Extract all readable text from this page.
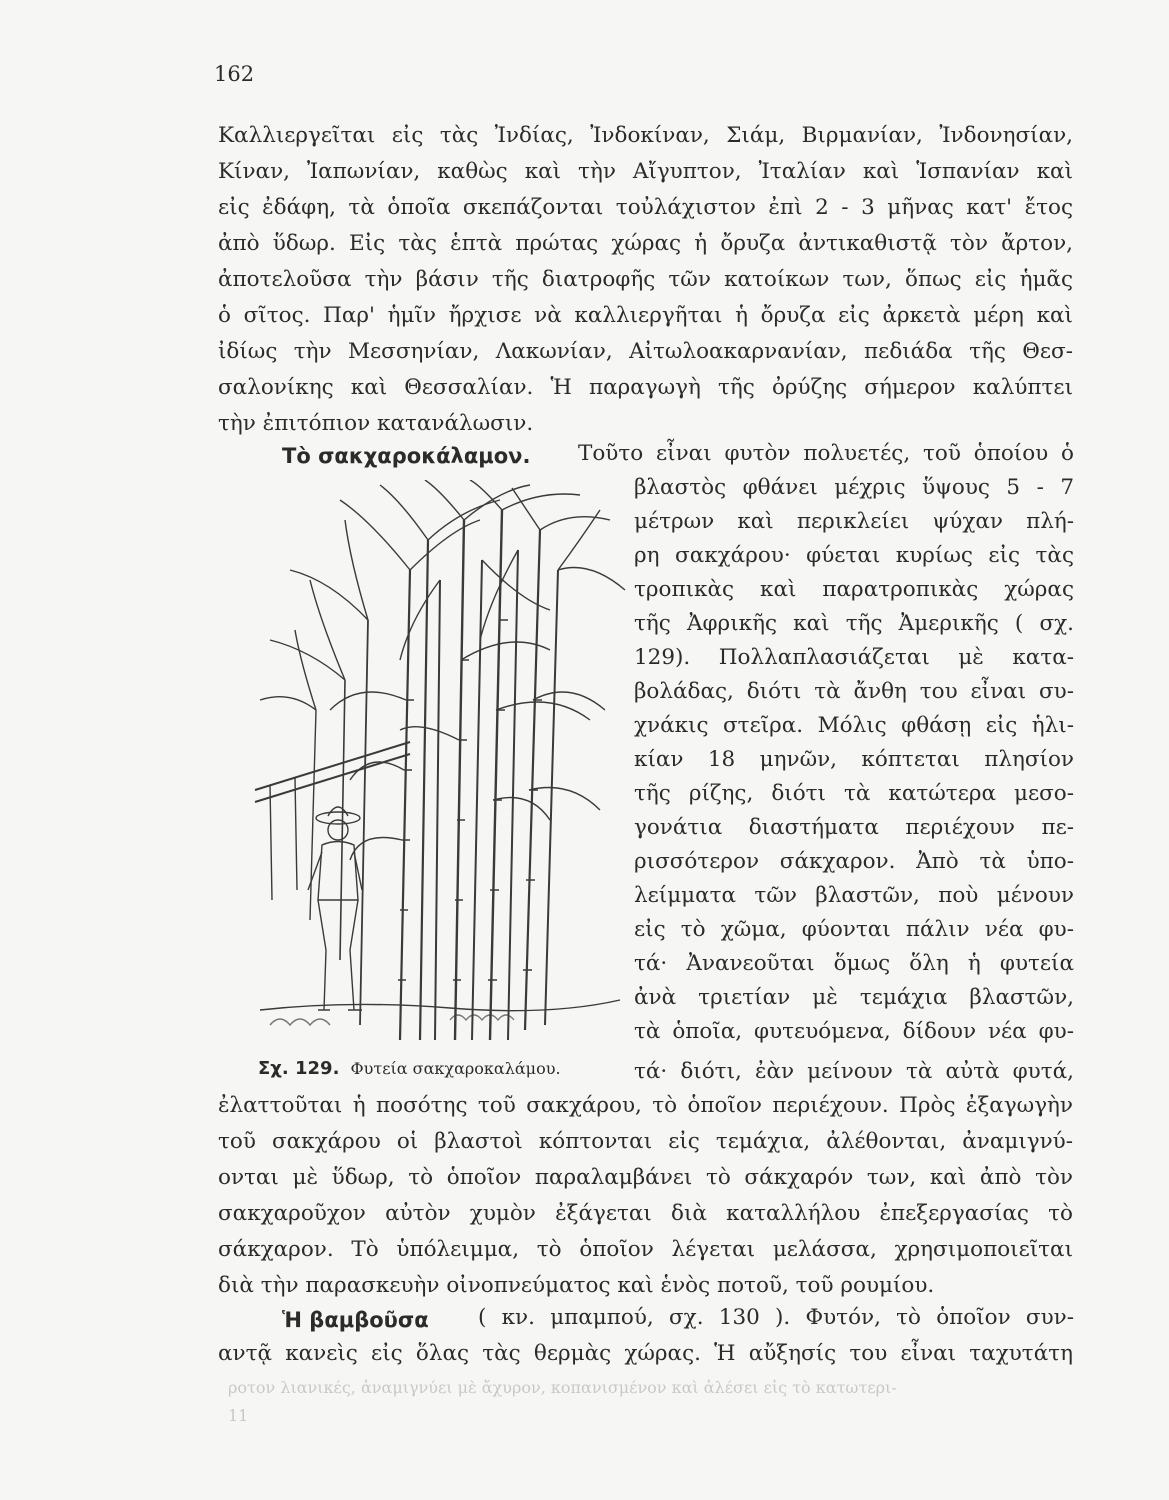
162
Καλλιεργεῖται εἰς τὰς Ἰνδίας, Ἰνδοκίναν, Σιάμ, Βιρμανίαν, Ἰνδονησίαν,
Κίναν, Ἰαπωνίαν, καθὼς καὶ τὴν Αἴγυπτον, Ἰταλίαν καὶ Ἱσπανίαν καὶ
εἰς ἐδάφη, τὰ ὁποῖα σκεπάζονται τοὐλάχιστον ἐπὶ 2 - 3 μῆνας κατ' ἔτος
ἀπὸ ὕδωρ. Εἰς τὰς ἑπτὰ πρώτας χώρας ἡ ὄρυζα ἀντικαθιστᾷ τὸν ἄρτον,
ἀποτελοῦσα τὴν βάσιν τῆς διατροφῆς τῶν κατοίκων των, ὅπως εἰς ἡμᾶς
ὁ σῖτος. Παρ' ἡμῖν ἤρχισε νὰ καλλιεργῆται ἡ ὄρυζα εἰς ἀρκετὰ μέρη καὶ
ἰδίως τὴν Μεσσηνίαν, Λακωνίαν, Αἰτωλοακαρνανίαν, πεδιάδα τῆς Θεσ-
σαλονίκης καὶ Θεσσαλίαν. Ἡ παραγωγὴ τῆς ὀρύζης σήμερον καλύπτει
τὴν ἐπιτόπιον κατανάλωσιν.
Τὸ σακχαροκάλαμον. Τοῦτο εἶναι φυτὸν πολυετές, τοῦ ὁποίου ὁ
βλαστὸς φθάνει μέχρις ὕψους 5 - 7
μέτρων καὶ περικλείει ψύχαν πλή-
ρη σακχάρου· φύεται κυρίως εἰς τὰς
τροπικὰς καὶ παρατροπικὰς χώρας
τῆς Ἀφρικῆς καὶ τῆς Ἀμερικῆς ( σχ.
129). Πολλαπλασιάζεται μὲ κατα-
βολάδας, διότι τὰ ἄνθη του εἶναι συ-
χνάκις στεῖρα. Μόλις φθάσῃ εἰς ἡλι-
κίαν 18 μηνῶν, κόπτεται πλησίον
τῆς ρίζης, διότι τὰ κατώτερα μεσο-
γονάτια διαστήματα περιέχουν πε-
ρισσότερον σάκχαρον. Ἀπὸ τὰ ὑπο-
λείμματα τῶν βλαστῶν, ποὺ μένουν
εἰς τὸ χῶμα, φύονται πάλιν νέα φυ-
τά· Ἀνανεοῦται ὅμως ὅλη ἡ φυτεία
ἀνὰ τριετίαν μὲ τεμάχια βλαστῶν,
τὰ ὁποῖα, φυτευόμενα, δίδουν νέα φυ-
τά· διότι, ἐὰν μείνουν τὰ αὐτὰ φυτά,
Σχ. 129. Φυτεία σακχαροκαλάμου.
ἐλαττοῦται ἡ ποσότης τοῦ σακχάρου, τὸ ὁποῖον περιέχουν. Πρὸς ἐξαγωγὴν
τοῦ σακχάρου οἱ βλαστοὶ κόπτονται εἰς τεμάχια, ἀλέθονται, ἀναμιγνύ-
ονται μὲ ὕδωρ, τὸ ὁποῖον παραλαμβάνει τὸ σάκχαρόν των, καὶ ἀπὸ τὸν
σακχαροῦχον αὐτὸν χυμὸν ἐξάγεται διὰ καταλλήλου ἐπεξεργασίας τὸ
σάκχαρον. Τὸ ὑπόλειμμα, τὸ ὁποῖον λέγεται μελάσσα, χρησιμοποιεῖται
διὰ τὴν παρασκευὴν οἰνοπνεύματος καὶ ἑνὸς ποτοῦ, τοῦ ρουμίου.
Ἡ βαμβοῦσα ( κν. μπαμπού, σχ. 130 ). Φυτόν, τὸ ὁποῖον συν-
αντᾷ κανεὶς εἰς ὅλας τὰς θερμὰς χώρας. Ἡ αὔξησίς του εἶναι ταχυτάτη
ροτον λιανικές, ἀναμιγνύει μὲ ἄχυρον, κοπανισμένον καὶ ἀλέσει εἰς τὸ κατωτερι-
11
